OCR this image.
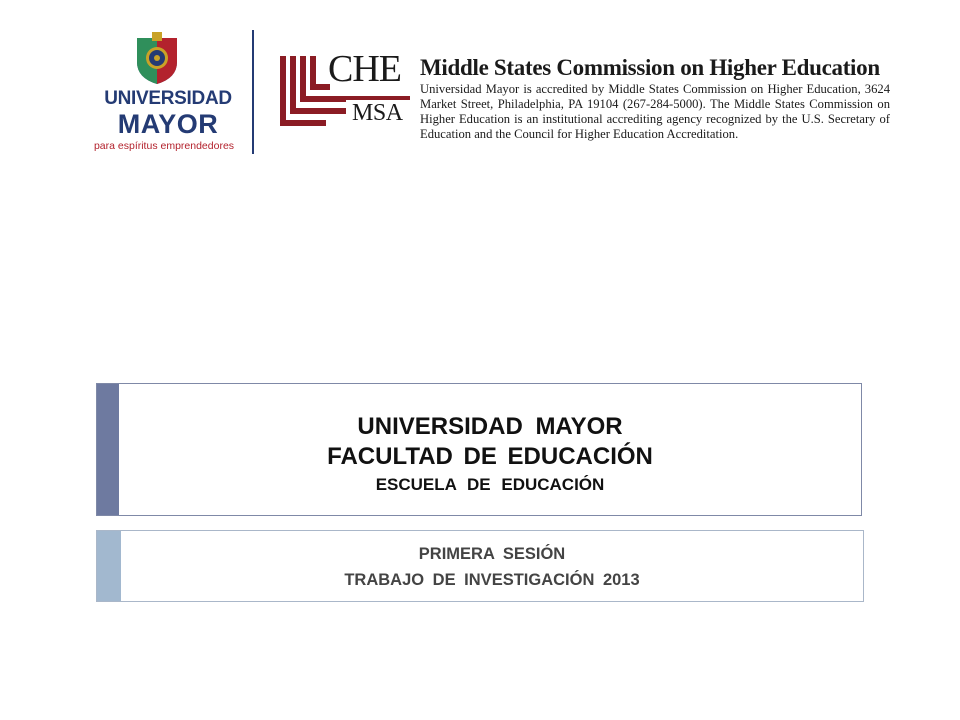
UNIVERSIDAD
MAYOR
para espíritus emprendedores
CHE
MSA
Middle States Commission on Higher Education
Universidad Mayor is accredited by Middle States Commission on Higher Education, 3624 Market Street, Philadelphia, PA 19104 (267-284-5000). The Middle States Commission on Higher Education is an institutional accrediting agency recognized by the U.S. Secretary of Education and the Council for Higher Education Accreditation.
UNIVERSIDAD MAYOR
FACULTAD DE EDUCACIÓN
ESCUELA DE EDUCACIÓN
PRIMERA SESIÓN
TRABAJO DE INVESTIGACIÓN 2013
